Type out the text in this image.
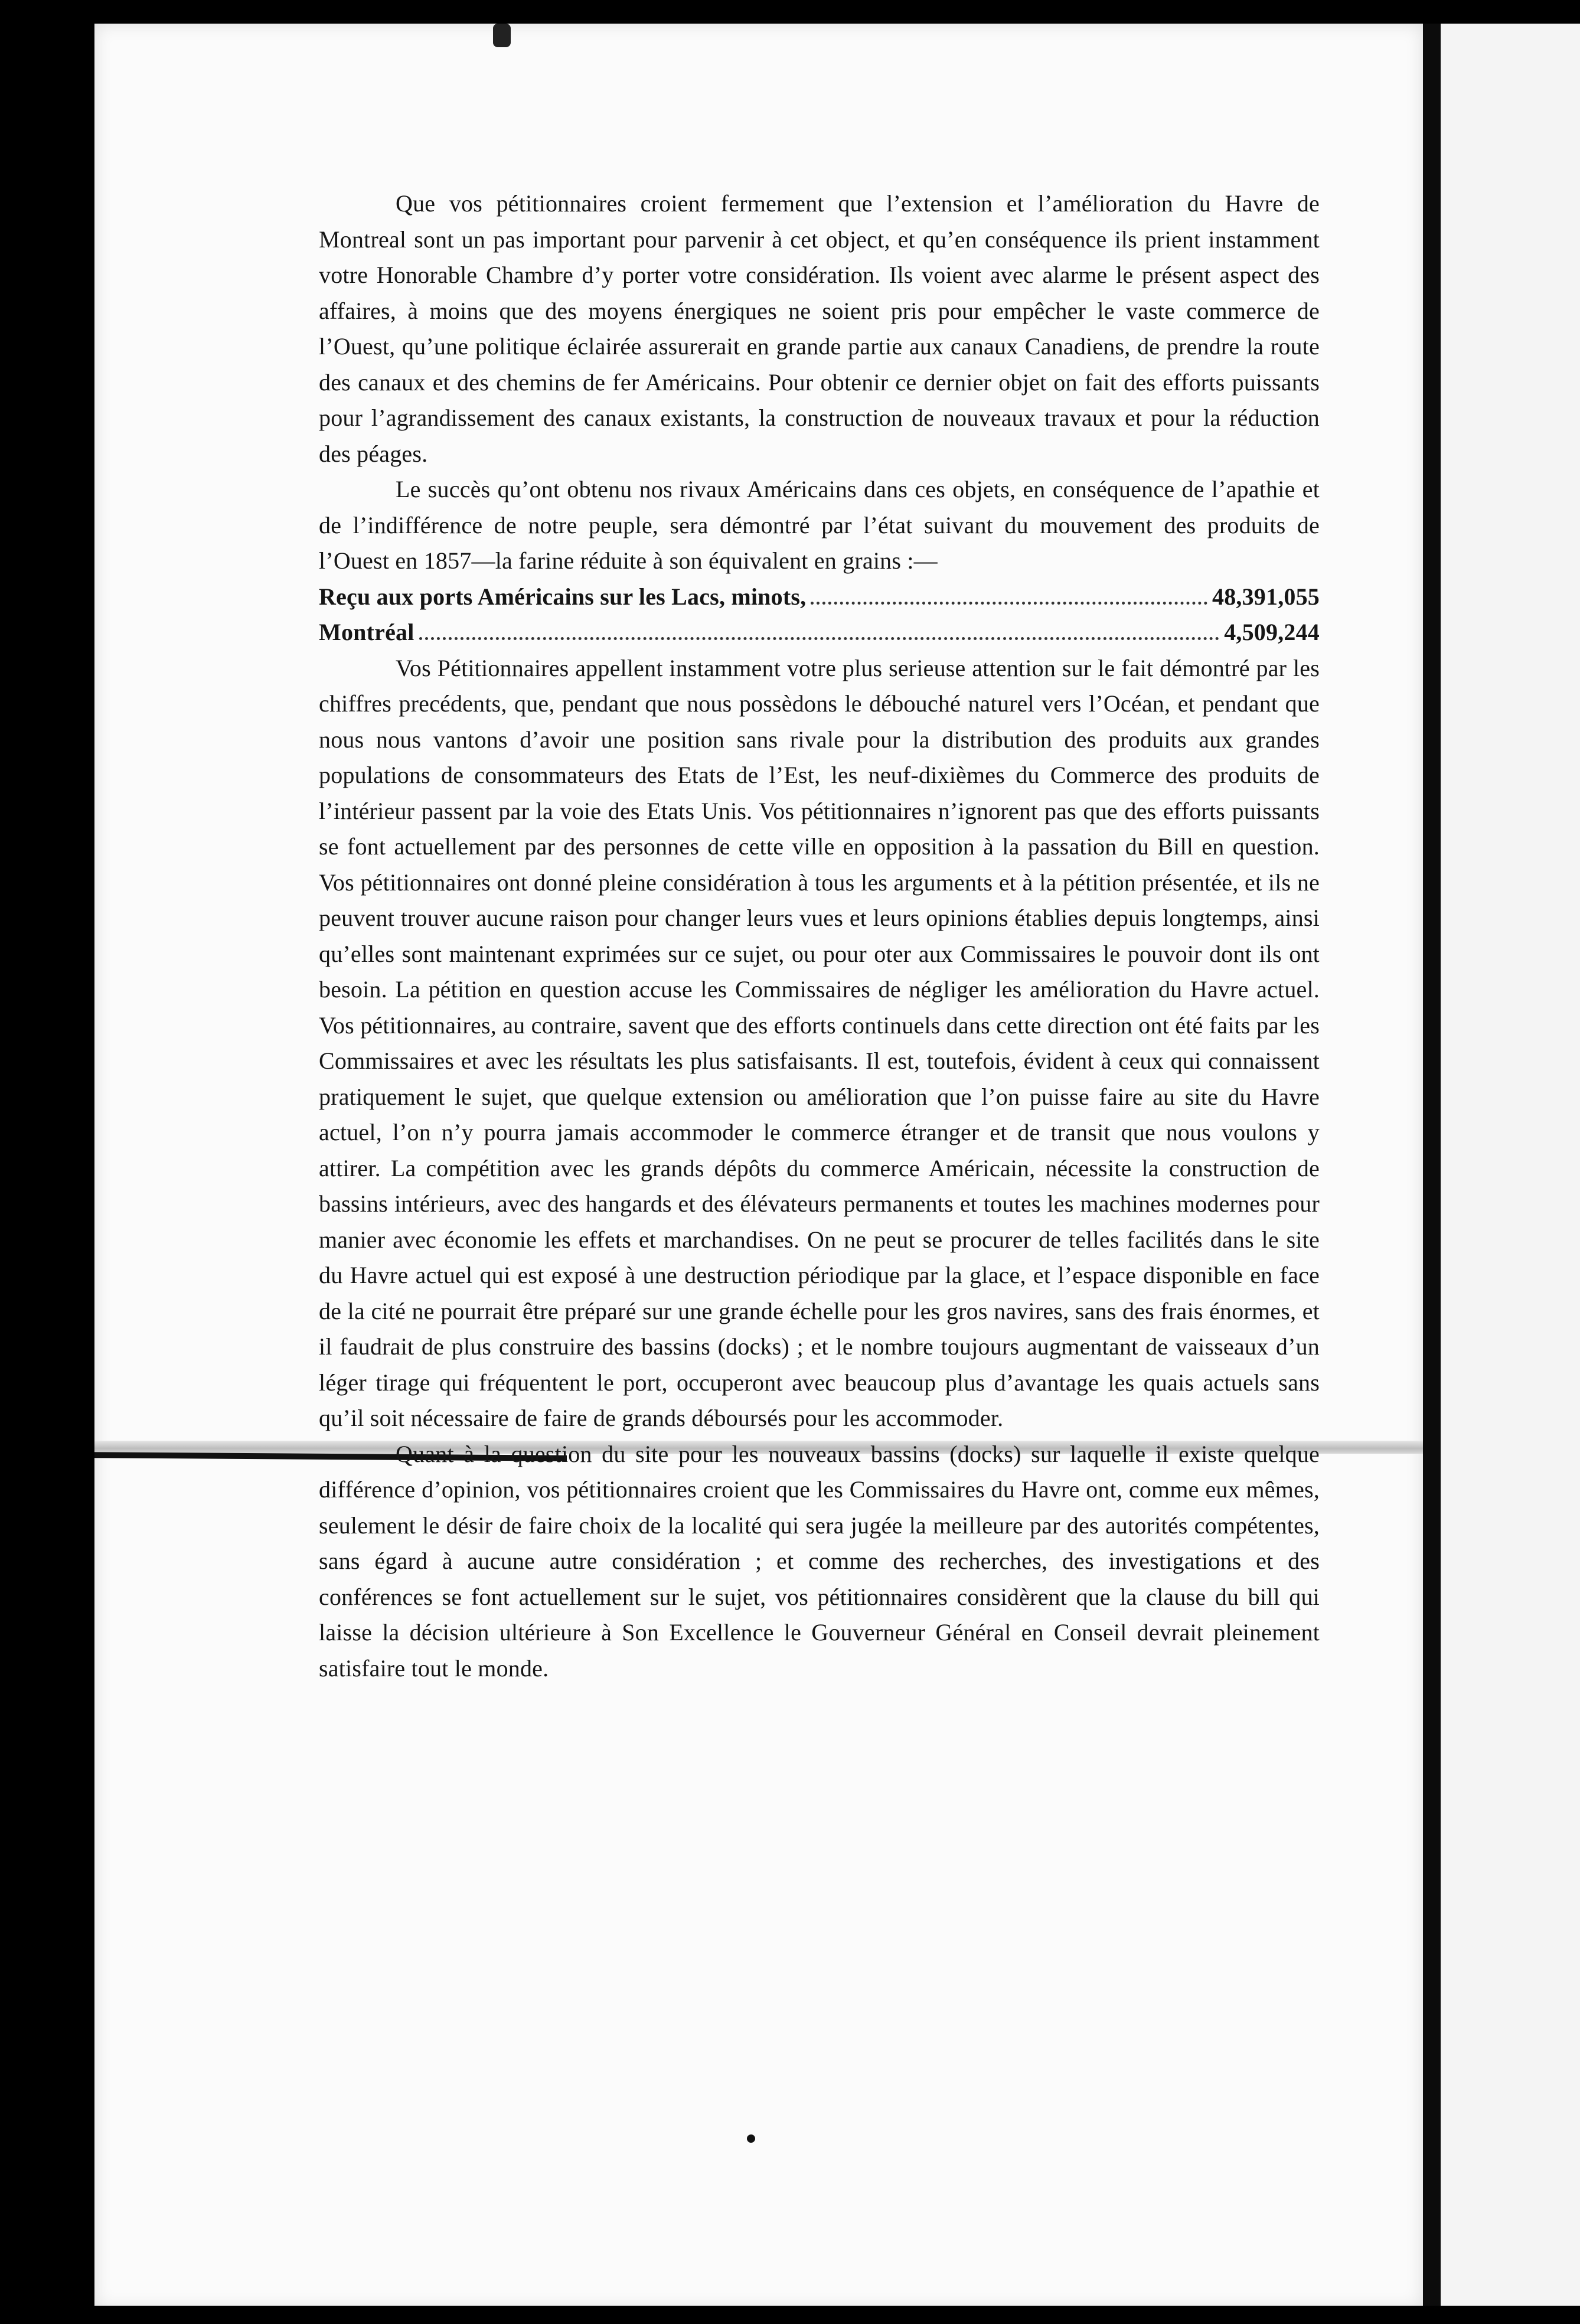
Que vos pétitionnaires croient fermement que l’extension et l’amélioration du Havre de Montreal sont un pas important pour parvenir à cet object, et qu’en conséquence ils prient instamment votre Honorable Chambre d’y porter votre considération. Ils voient avec alarme le présent aspect des affaires, à moins que des moyens énergiques ne soient pris pour empêcher le vaste commerce de l’Ouest, qu’une politique éclairée assurerait en grande partie aux canaux Canadiens, de prendre la route des canaux et des chemins de fer Américains. Pour obtenir ce dernier objet on fait des efforts puissants pour l’agrandissement des canaux existants, la construction de nouveaux travaux et pour la réduction des péages.

Le succès qu’ont obtenu nos rivaux Américains dans ces objets, en conséquence de l’apathie et de l’indifférence de notre peuple, sera démontré par l’état suivant du mouvement des produits de l’Ouest en 1857—la farine réduite à son équivalent en grains :—

Reçu aux ports Américains sur les Lacs, minots,	48,391,055
Montréal	4,509,244

Vos Pétitionnaires appellent instamment votre plus serieuse attention sur le fait démontré par les chiffres precédents, que, pendant que nous possèdons le débouché naturel vers l’Océan, et pendant que nous nous vantons d’avoir une position sans rivale pour la distribution des produits aux grandes populations de consommateurs des Etats de l’Est, les neuf-dixièmes du Commerce des produits de l’intérieur passent par la voie des Etats Unis. Vos pétitionnaires n’ignorent pas que des efforts puissants se font actuellement par des personnes de cette ville en opposition à la passation du Bill en question. Vos pétitionnaires ont donné pleine considération à tous les arguments et à la pétition présentée, et ils ne peuvent trouver aucune raison pour changer leurs vues et leurs opinions établies depuis longtemps, ainsi qu’elles sont maintenant exprimées sur ce sujet, ou pour oter aux Commissaires le pouvoir dont ils ont besoin. La pétition en question accuse les Commissaires de négliger les amélioration du Havre actuel. Vos pétitionnaires, au contraire, savent que des efforts continuels dans cette direction ont été faits par les Commissaires et avec les résultats les plus satisfaisants. Il est, toutefois, évident à ceux qui connaissent pratiquement le sujet, que quelque extension ou amélioration que l’on puisse faire au site du Havre actuel, l’on n’y pourra jamais accommoder le commerce étranger et de transit que nous voulons y attirer. La compétition avec les grands dépôts du commerce Américain, nécessite la construction de bassins intérieurs, avec des hangards et des élévateurs permanents et toutes les machines modernes pour manier avec économie les effets et marchandises. On ne peut se procurer de telles facilités dans le site du Havre actuel qui est exposé à une destruction périodique par la glace, et l’espace disponible en face de la cité ne pourrait être préparé sur une grande échelle pour les gros navires, sans des frais énormes, et il faudrait de plus construire des bassins (docks) ; et le nombre toujours augmentant de vaisseaux d’un léger tirage qui fréquentent le port, occuperont avec beaucoup plus d’avantage les quais actuels sans qu’il soit nécessaire de faire de grands déboursés pour les accommoder.

Quant à la question du site pour les nouveaux bassins (docks) sur laquelle il existe quelque différence d’opinion, vos pétitionnaires croient que les Commissaires du Havre ont, comme eux mêmes, seulement le désir de faire choix de la localité qui sera jugée la meilleure par des autorités compétentes, sans égard à aucune autre considération ; et comme des recherches, des investigations et des conférences se font actuellement sur le sujet, vos pétitionnaires considèrent que la clause du bill qui laisse la décision ultérieure à Son Excellence le Gouverneur Général en Conseil devrait pleinement satisfaire tout le monde.
